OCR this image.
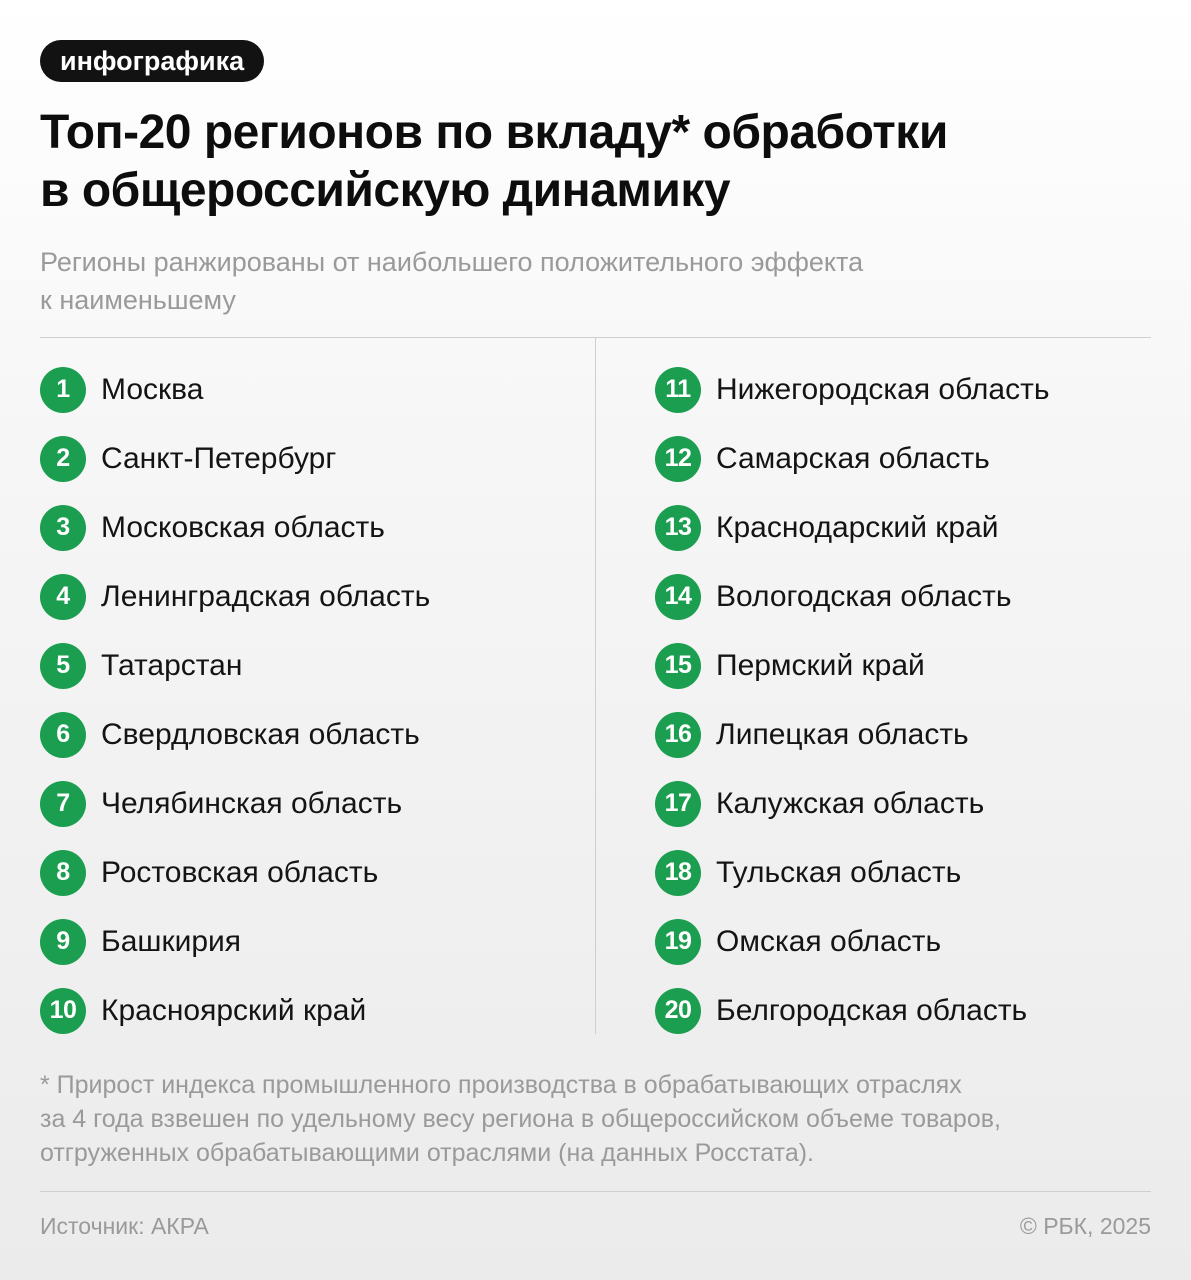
инфографика
Топ-20 регионов по вкладу* обработки
в общероссийскую динамику

Регионы ранжированы от наибольшего положительного эффекта
к наименьшему

1	Москва
2	Санкт-Петербург
3	Московская область
4	Ленинградская область
5	Татарстан
6	Свердловская область
7	Челябинская область
8	Ростовская область
9	Башкирия
10 Красноярский край
11 Нижегородская область
12 Самарская область
13 Краснодарский край
14 Вологодская область
15 Пермский край
16 Липецкая область
17 Калужская область
18 Тульская область
19 Омская область
20 Белгородская область

* Прирост индекса промышленного производства в обрабатывающих отраслях
за 4 года взвешен по удельному весу региона в общероссийском объеме товаров,
отгруженных обрабатывающими отраслями (на данных Росстата).

Источник: АКРА	© РБК, 2025
